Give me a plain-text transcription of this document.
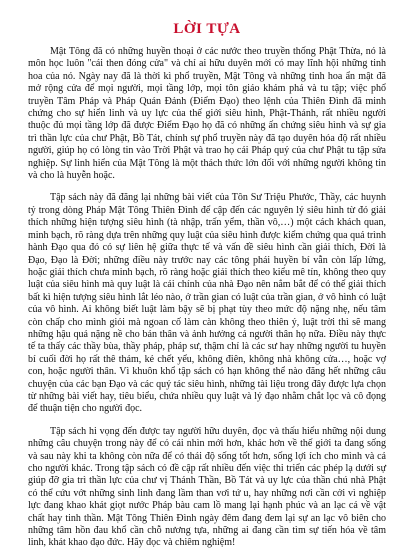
LỜI TỰA

Mật Tông đã có những huyền thoại ở các nước theo truyền thống Phật Thừa, nó là môn học luôn "cái then đóng cửa" và chỉ ai hữu duyên mới có may lĩnh hội những tinh hoa của nó. Ngày nay đã là thời kì phổ truyền, Mật Tông và những tinh hoa ẩn mật đã mở rộng cửa để mọi người, mọi tầng lớp, mọi tôn giáo khám phá và tu tập; việc phổ truyền Tâm Pháp và Pháp Quán Đảnh (Điểm Đạo) theo lệnh của Thiên Đình đã minh chứng cho sự hiển linh và uy lực của thế giới siêu hình, Phật-Thánh, rất nhiều người thuộc đủ mọi tầng lớp đã được Điểm Đạo họ đã có những ấn chứng siêu hình và sự gia trì thần lực của chư Phật, Bồ Tát, chính sự phổ truyền này đã tạo duyên hóa độ rất nhiều người, giúp họ có lòng tin vào Trời Phật và trao họ cái Pháp quý của chư Phật tu tập sửa nghiệp. Sự linh hiển của Mật Tông là một thách thức lớn đối với những người không tin và cho là huyễn hoặc.

Tập sách này đã đăng lại những bài viết của Tôn Sư Triệu Phước, Thầy, các huynh tỷ trong dòng Pháp Mật Tông Thiên Đình để cập đến các nguyên lý siêu hình từ đó giải thích những hiện tượng siêu hình (tà nhập, trấn yểm, thần vô,…) một cách khách quan, minh bạch, rõ ràng dựa trên những quy luật của siêu hình được kiểm chứng qua quá trình hành Đạo qua đó có sự liên hệ giữa thực tế và vấn đề siêu hình cần giải thích, Đời là Đạo, Đạo là Đời; những điều này trước nay các tông phái huyền bí vẫn còn lấp lửng, hoặc giải thích chưa minh bạch, rõ ràng hoặc giải thích theo kiểu mê tín, không theo quy luật của siêu hình mà quy luật là cái chính của nhà Đạo nên nắm bắt để có thể giải thích bất kì hiện tượng siêu hình lắt léo nào, ở trần gian có luật của trần gian, ở vô hình có luật của vô hình. Ai không biết luật làm bậy sẽ bị phạt tùy theo mức độ nặng nhẹ, nếu tâm còn chấp cho mình giỏi mà ngoan cố làm càn không theo thiên ý, luật trời thì sẽ mang những hậu quả nặng nề cho bản thân và ảnh hưởng cả người thân họ nữa. Điều này thực tế ta thấy các thầy bùa, thầy pháp, pháp sư, thậm chí là các sư hay những người tu huyền bí cuối đời họ rất thê thảm, kẻ chết yểu, không điên, không nhà không cửa…, hoặc vợ con, hoặc người thân. Vì khuôn khổ tập sách có hạn không thể nào đăng hết những câu chuyện của các bạn Đạo và các quý tác siêu hình, những tài liệu trong đây được lựa chọn từ những bài viết hay, tiêu biểu, chứa nhiều quy luật và lý đạo nhằm chắt lọc và cô đọng để thuận tiện cho người đọc.

Tập sách hi vọng đến được tay người hữu duyên, đọc và thấu hiểu những nội dung những câu chuyện trong này để có cái nhìn mới hơn, khác hơn về thế giới ta đang sống và sau này khi ta không còn nữa để có thái độ sống tốt hơn, sống lợi ích cho mình và cả cho người khác. Trong tập sách có đề cập rất nhiều đến việc thi triển các phép lạ dưới sự giúp đỡ gia trì thần lực của chư vị Thánh Thần, Bồ Tát và uy lực của thần chú nhà Phật có thể cứu vớt những sinh linh đang lầm than vơi tứ u, hay những nơi cần cởi vì nghiệp lực đang khao khát giọt nước Pháp bàu cam lồ mang lại hạnh phúc và an lạc cả về vật chất hay tinh thần. Mật Tông Thiên Đình ngày đêm đang đem lại sự an lạc vô biên cho những tâm hồn đau khổ cần chỗ nương tựa, những ai đang cần tìm sự tiến hóa về tâm linh, khát khao đạo đức. Hãy đọc và chiêm nghiệm!
